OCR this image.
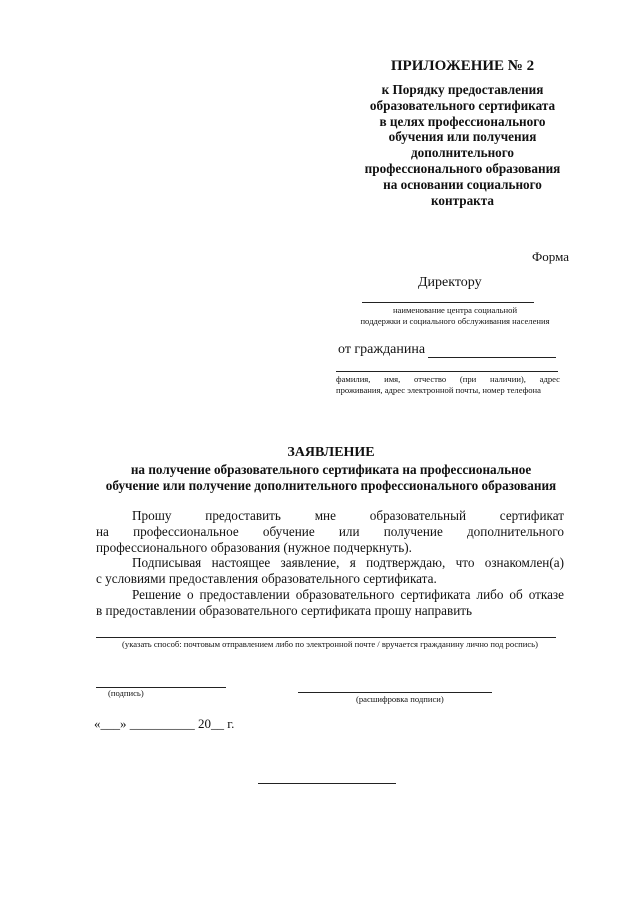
ПРИЛОЖЕНИЕ № 2
к Порядку предоставления
образовательного сертификата
в целях профессионального
обучения или получения
дополнительного
профессионального образования
на основании социального
контракта
Форма
Директору
наименование центра социальной
поддержки и социального обслуживания населения
от гражданина
фамилия, имя, отчество (при наличии), адрес
проживания, адрес электронной почты, номер телефона
ЗАЯВЛЕНИЕ
на получение образовательного сертификата на профессиональное
обучение или получение дополнительного профессионального образования

Прошу предоставить мне образовательный сертификат

на профессиональное обучение или получение дополнительного

профессионального образования (нужное подчеркнуть).

Подписывая настоящее заявление, я подтверждаю, что ознакомлен(а)

с условиями предоставления образовательного сертификата.

Решение о предоставлении образовательного сертификата либо об отказе

в предоставлении образовательного сертификата прошу направить

(указать способ: почтовым отправлением либо по электронной почте / вручается гражданину лично под роспись)
(подпись)
(расшифровка подписи)
«___» __________ 20__ г.
